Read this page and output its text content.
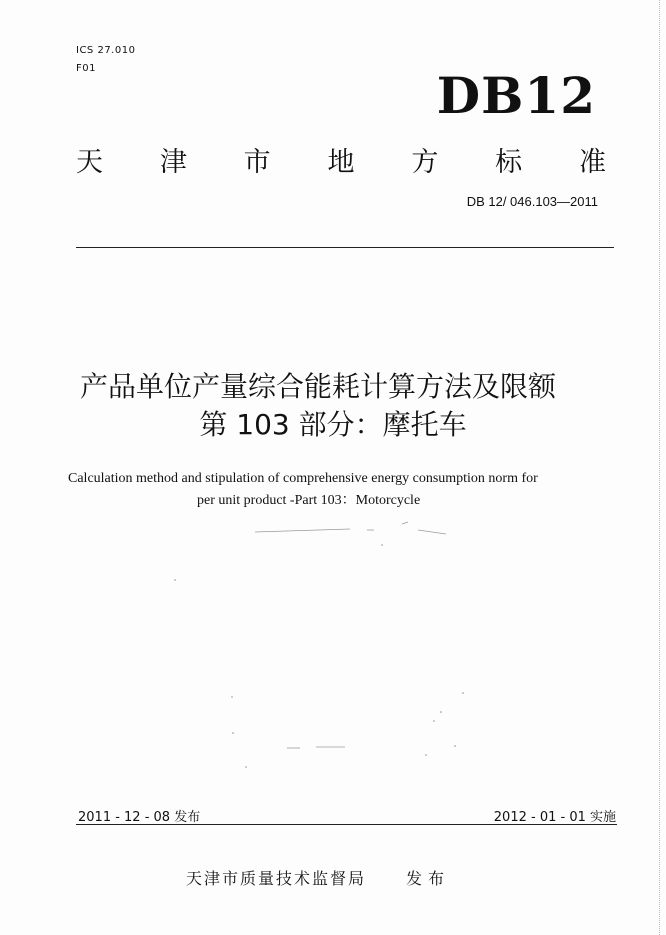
ICS 27.010
F01	DB12
天 津 市 地 方 标 准
DB 12/ 046.103—2011
产品单位产量综合能耗计算方法及限额
第 103 部分：摩托车
Calculation method and stipulation of comprehensive energy consumption norm for
per unit product -Part 103：Motorcycle
2011 - 12 - 08 发布	2012 - 01 - 01 实施
天津市质量技术监督局	发布
